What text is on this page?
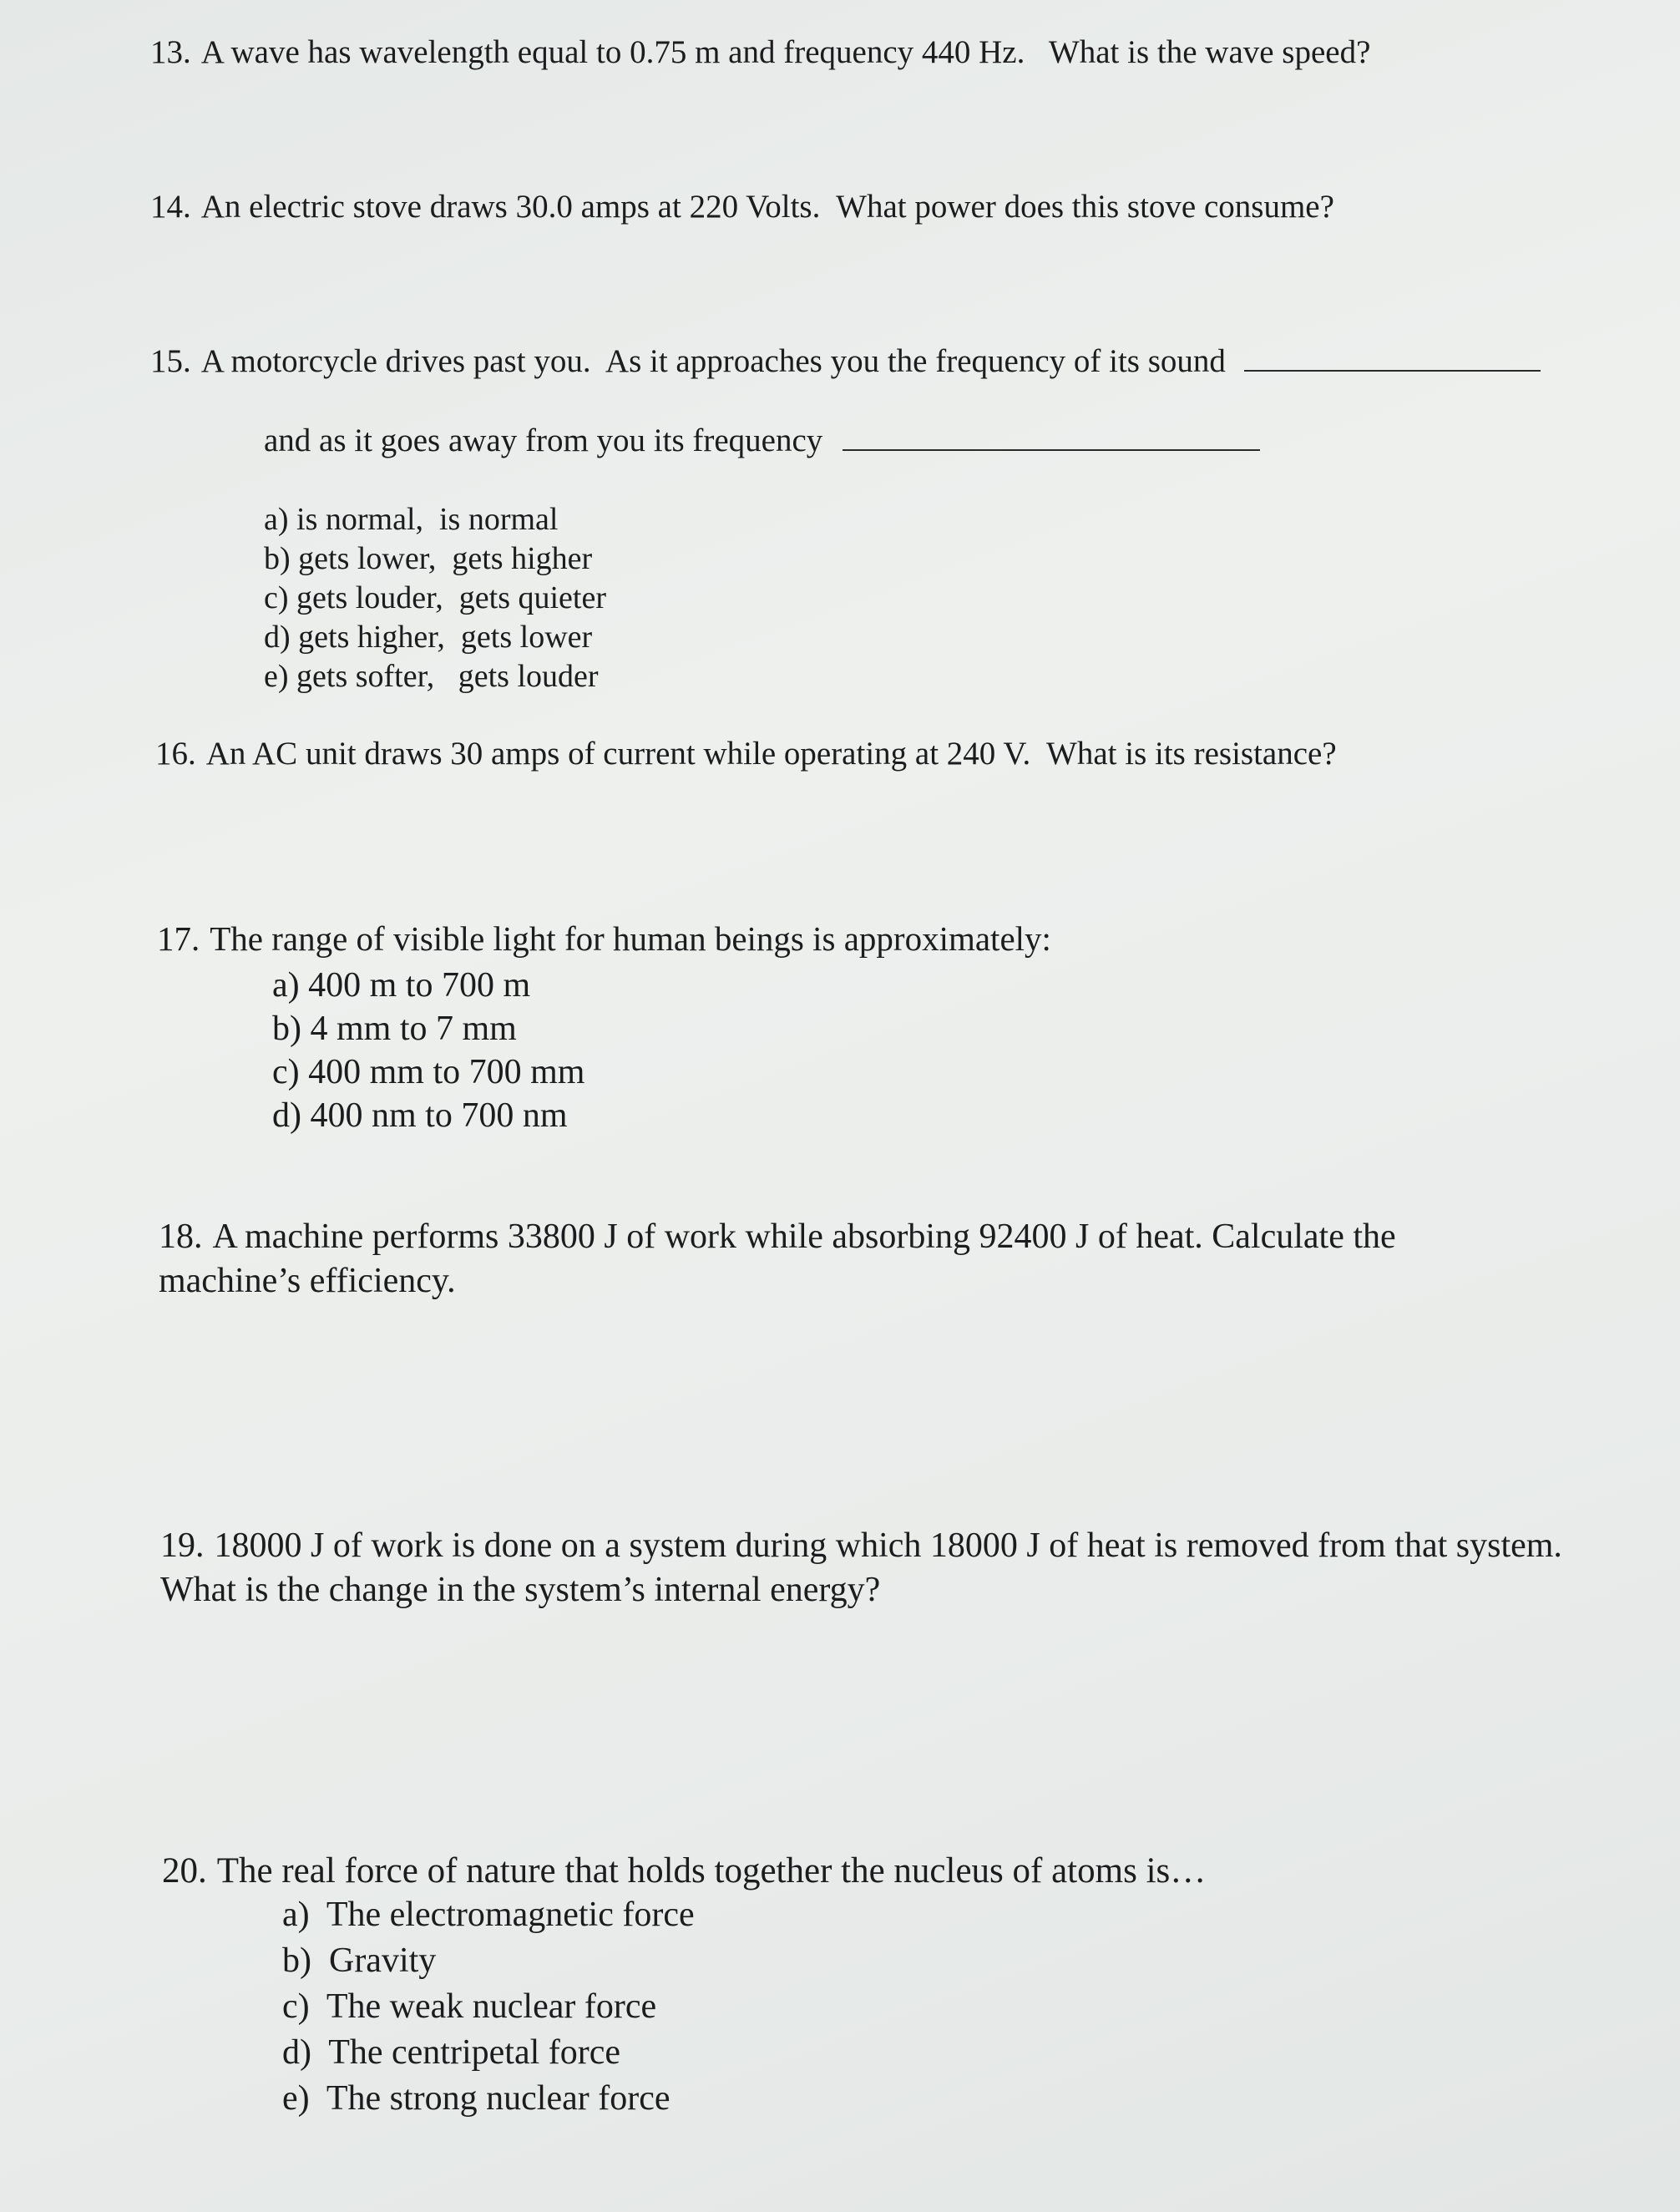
13. A wave has wavelength equal to 0.75 m and frequency 440 Hz.   What is the wave speed?
14. An electric stove draws 30.0 amps at 220 Volts.  What power does this stove consume?
15. A motorcycle drives past you.  As it approaches you the frequency of its sound
and as it goes away from you its frequency
a) is normal,  is normal
b) gets lower,  gets higher
c) gets louder,  gets quieter
d) gets higher,  gets lower
e) gets softer,   gets louder
16. An AC unit draws 30 amps of current while operating at 240 V.  What is its resistance?
17. The range of visible light for human beings is approximately:
a) 400 m to 700 m
b) 4 mm to 7 mm
c) 400 mm to 700 mm
d) 400 nm to 700 nm
18. A machine performs 33800 J of work while absorbing 92400 J of heat. Calculate the machine’s efficiency.
19. 18000 J of work is done on a system during which 18000 J of heat is removed from that system. What is the change in the system’s internal energy?
20. The real force of nature that holds together the nucleus of atoms is…
a)  The electromagnetic force
b)  Gravity
c)  The weak nuclear force
d)  The centripetal force
e)  The strong nuclear force
